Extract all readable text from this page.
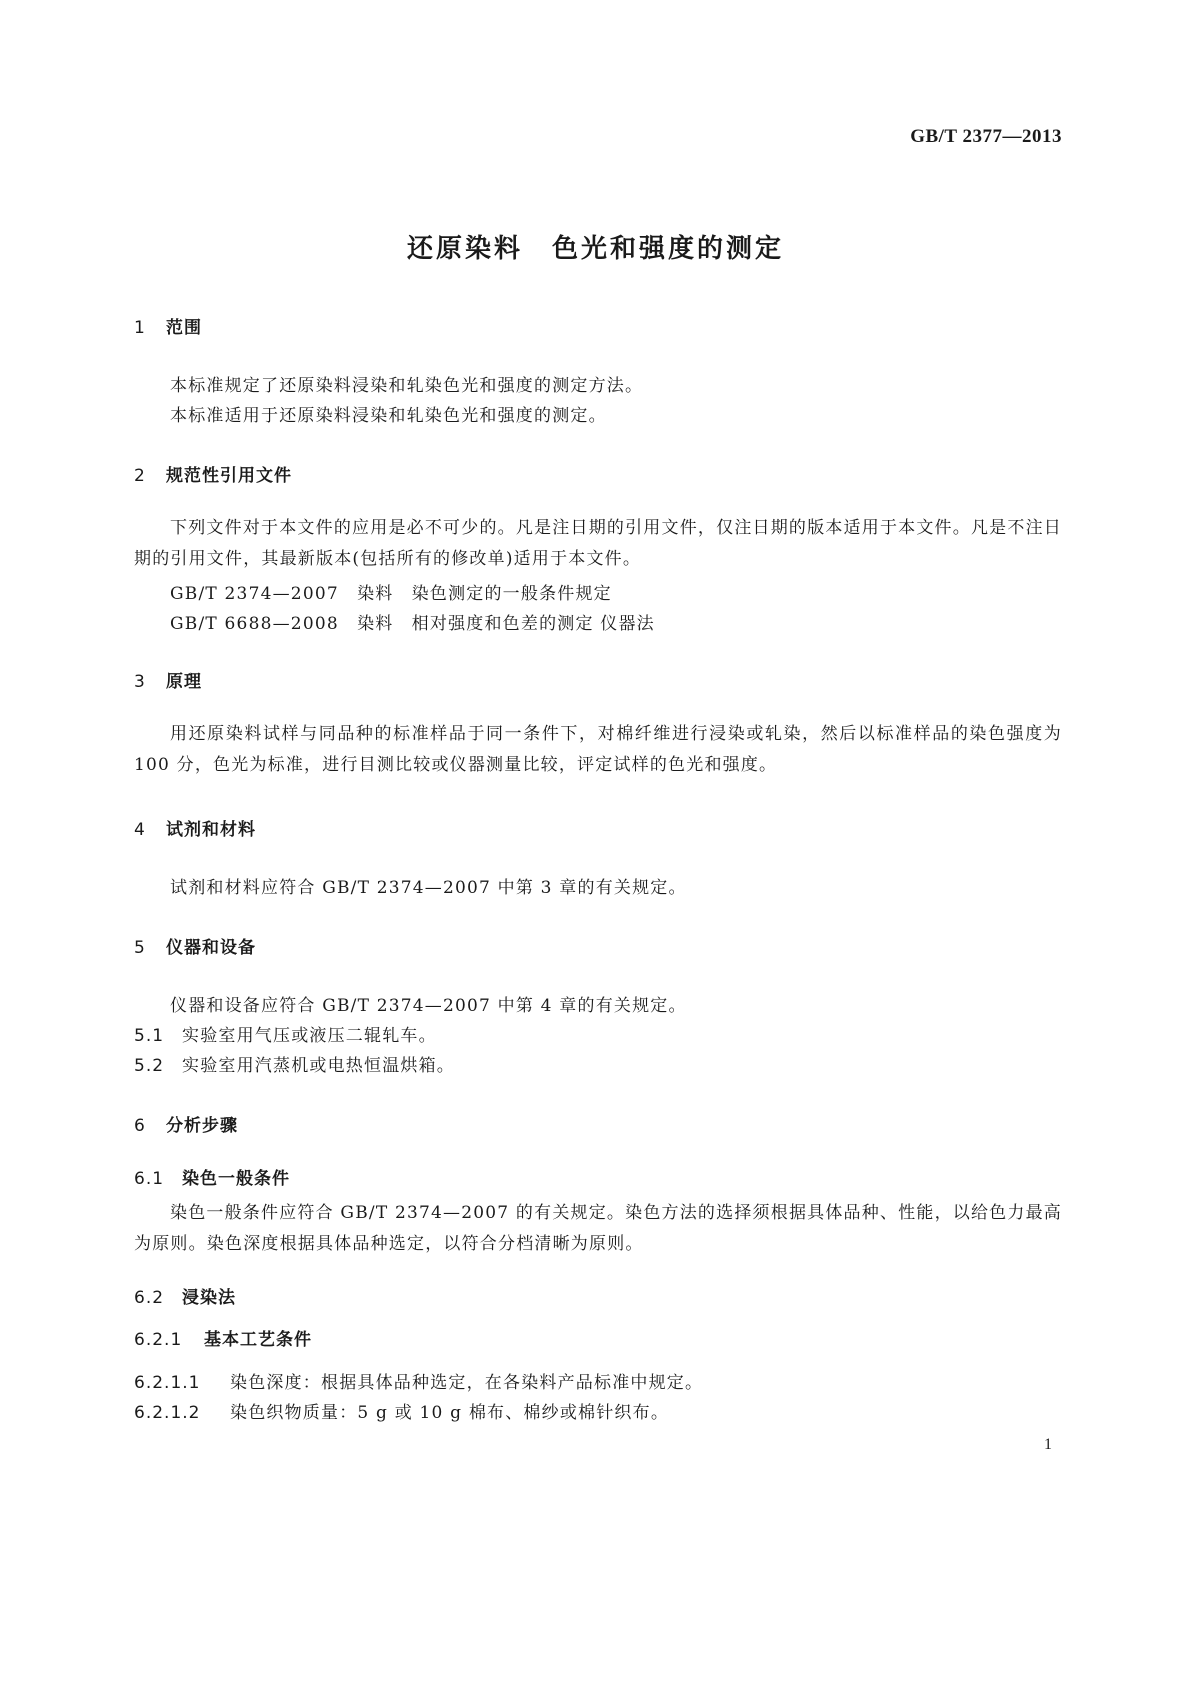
GB/T 2377—2013
还原染料　色光和强度的测定
1 范围
本标准规定了还原染料浸染和轧染色光和强度的测定方法。
本标准适用于还原染料浸染和轧染色光和强度的测定。
2 规范性引用文件
下列文件对于本文件的应用是必不可少的。凡是注日期的引用文件，仅注日期的版本适用于本文件。凡是不注日期的引用文件，其最新版本(包括所有的修改单)适用于本文件。
GB/T 2374—2007　染料　染色测定的一般条件规定
GB/T 6688—2008　染料　相对强度和色差的测定 仪器法
3 原理
用还原染料试样与同品种的标准样品于同一条件下，对棉纤维进行浸染或轧染，然后以标准样品的染色强度为 100 分，色光为标准，进行目测比较或仪器测量比较，评定试样的色光和强度。
4 试剂和材料
试剂和材料应符合 GB/T 2374—2007 中第 3 章的有关规定。
5 仪器和设备
仪器和设备应符合 GB/T 2374—2007 中第 4 章的有关规定。
5.1 实验室用气压或液压二辊轧车。
5.2 实验室用汽蒸机或电热恒温烘箱。
6 分析步骤
6.1 染色一般条件
染色一般条件应符合 GB/T 2374—2007 的有关规定。染色方法的选择须根据具体品种、性能，以给色力最高为原则。染色深度根据具体品种选定，以符合分档清晰为原则。
6.2 浸染法
6.2.1 基本工艺条件
6.2.1.1 染色深度：根据具体品种选定，在各染料产品标准中规定。
6.2.1.2 染色织物质量：5 g 或 10 g 棉布、棉纱或棉针织布。
1
